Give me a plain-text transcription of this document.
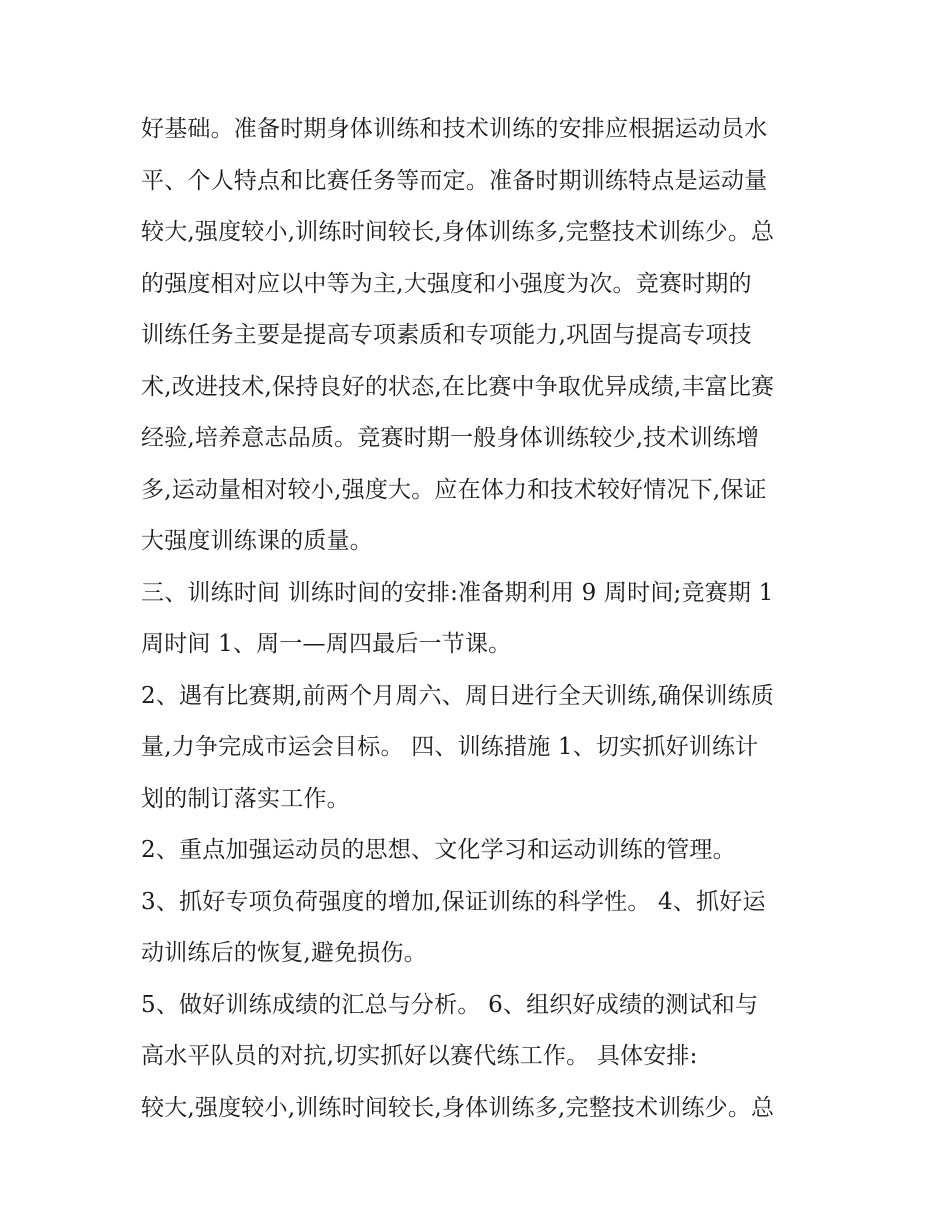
好基础。准备时期身体训练和技术训练的安排应根据运动员水
平、个人特点和比赛任务等而定。准备时期训练特点是运动量
较大,强度较小,训练时间较长,身体训练多,完整技术训练少。总
的强度相对应以中等为主,大强度和小强度为次。竞赛时期的
训练任务主要是提高专项素质和专项能力,巩固与提高专项技
术,改进技术,保持良好的状态,在比赛中争取优异成绩,丰富比赛
经验,培养意志品质。竞赛时期一般身体训练较少,技术训练增
多,运动量相对较小,强度大。应在体力和技术较好情况下,保证
大强度训练课的质量。
三、训练时间 训练时间的安排:准备期利用 9 周时间;竞赛期 1
周时间 1、周一—周四最后一节课。
2、遇有比赛期,前两个月周六、周日进行全天训练,确保训练质
量,力争完成市运会目标。 四、训练措施 1、切实抓好训练计
划的制订落实工作。
2、重点加强运动员的思想、文化学习和运动训练的管理。
3、抓好专项负荷强度的增加,保证训练的科学性。 4、抓好运
动训练后的恢复,避免损伤。
5、做好训练成绩的汇总与分析。 6、组织好成绩的测试和与
高水平队员的对抗,切实抓好以赛代练工作。 具体安排:
较大,强度较小,训练时间较长,身体训练多,完整技术训练少。总
